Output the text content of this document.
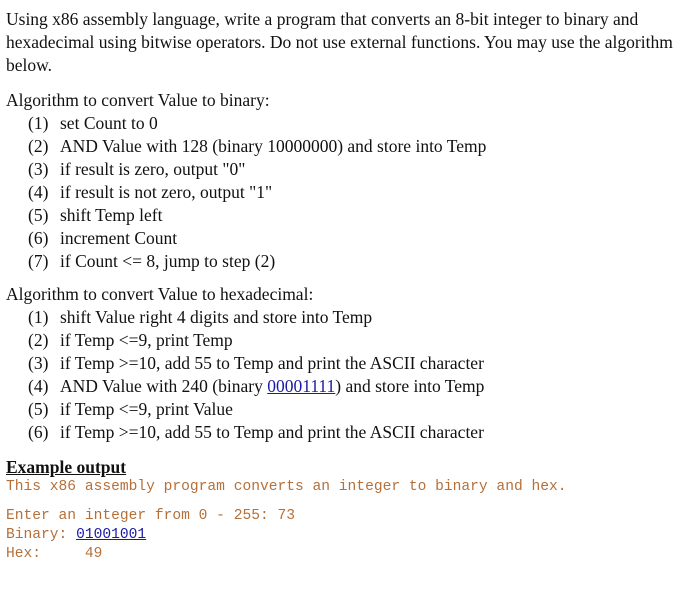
Using x86 assembly language, write a program that converts an 8-bit integer to binary and hexadecimal using bitwise operators. Do not use external functions. You may use the algorithm below.

Algorithm to convert Value to binary:

(1) set Count to 0
(2) AND Value with 128 (binary 10000000) and store into Temp
(3) if result is zero, output "0"
(4) if result is not zero, output "1"
(5) shift Temp left
(6) increment Count
(7) if Count <= 8, jump to step (2)

Algorithm to convert Value to hexadecimal:

(1) shift Value right 4 digits and store into Temp
(2) if Temp <=9, print Temp
(3) if Temp >=10, add 55 to Temp and print the ASCII character
(4) AND Value with 240 (binary 00001111) and store into Temp
(5) if Temp <=9, print Value
(6) if Temp >=10, add 55 to Temp and print the ASCII character

Example output

This x86 assembly program converts an integer to binary and hex.

Enter an integer from 0 - 255: 73

Binary: 01001001

Hex:     49
